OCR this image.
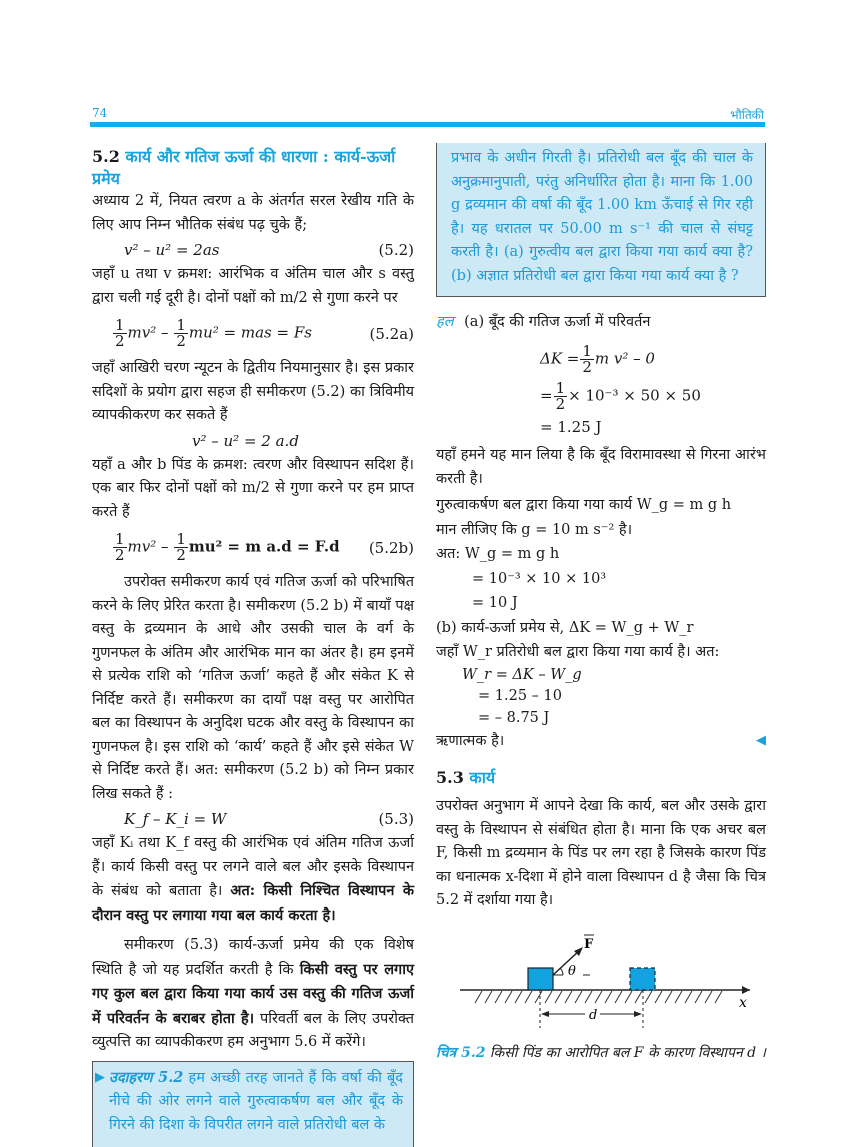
74	भौतिकी
5.2 कार्य और गतिज ऊर्जा की धारणा : कार्य-ऊर्जा प्रमेय
अध्याय 2 में, नियत त्वरण a के अंतर्गत सरल रेखीय गति के लिए आप निम्न भौतिक संबंध पढ़ चुके हैं;
v² – u² = 2as	(5.2)
जहाँ u तथा v क्रमश: आरंभिक व अंतिम चाल और s वस्तु द्वारा चली गई दूरी है। दोनों पक्षों को m/2 से गुणा करने पर
$\frac{1}{2} mv^2 - \frac{1}{2} mu^2$ = mas = Fs	(5.2a)
जहाँ आखिरी चरण न्यूटन के द्वितीय नियमानुसार है। इस प्रकार सदिशों के प्रयोग द्वारा सहज ही समीकरण (5.2) का त्रिविमीय व्यापकीकरण कर सकते हैं
v² – u² = 2 a.d
यहाँ a और b पिंड के क्रमश: त्वरण और विस्थापन सदिश हैं। एक बार फिर दोनों पक्षों को m/2 से गुणा करने पर हम प्राप्त करते हैं
$\frac{1}{2} mv^2 - \frac{1}{2} mu^2 = m$ a.d = F.d (5.2b)
उपरोक्त समीकरण कार्य एवं गतिज ऊर्जा को परिभाषित करने के लिए प्रेरित करता है। समीकरण (5.2 b) में बायाँ पक्ष वस्तु के द्रव्यमान के आधे और उसकी चाल के वर्ग के गुणनफल के अंतिम और आरंभिक मान का अंतर है। हम इनमें से प्रत्येक राशि को ‘गतिज ऊर्जा’ कहते हैं और संकेत K से निर्दिष्ट करते हैं। समीकरण का दायाँ पक्ष वस्तु पर आरोपित बल का विस्थापन के अनुदिश घटक और वस्तु के विस्थापन का गुणनफल है। इस राशि को ‘कार्य’ कहते हैं और इसे संकेत W से निर्दिष्ट करते हैं। अत: समीकरण (5.2 b) को निम्न प्रकार लिख सकते हैं :
K_f – K_i = W	(5.3)
जहाँ Kᵢ तथा K_f वस्तु की आरंभिक एवं अंतिम गतिज ऊर्जा हैं। कार्य किसी वस्तु पर लगने वाले बल और इसके विस्थापन के संबंध को बताता है। अत: किसी निश्चित विस्थापन के दौरान वस्तु पर लगाया गया बल कार्य करता है।
समीकरण (5.3) कार्य-ऊर्जा प्रमेय की एक विशेष स्थिति है जो यह प्रदर्शित करती है कि किसी वस्तु पर लगाए गए कुल बल द्वारा किया गया कार्य उस वस्तु की गतिज ऊर्जा में परिवर्तन के बराबर होता है। परिवर्ती बल के लिए उपरोक्त व्युत्पत्ति का व्यापकीकरण हम अनुभाग 5.6 में करेंगे।
▶ उदाहरण 5.2 हम अच्छी तरह जानते हैं कि वर्षा की बूँद नीचे की ओर लगने वाले गुरुत्वाकर्षण बल और बूँद के गिरने की दिशा के विपरीत लगने वाले प्रतिरोधी बल के
प्रभाव के अधीन गिरती है। प्रतिरोधी बल बूँद की चाल के अनुक्रमानुपाती, परंतु अनिर्धारित होता है। माना कि 1.00 g द्रव्यमान की वर्षा की बूँद 1.00 km ऊँचाई से गिर रही है। यह धरातल पर 50.00 m s⁻¹ की चाल से संघट्ट करती है। (a) गुरुत्वीय बल द्वारा किया गया कार्य क्या है? (b) अज्ञात प्रतिरोधी बल द्वारा किया गया कार्य क्या है ?
हल (a) बूँद की गतिज ऊर्जा में परिवर्तन
$\Delta K = \frac{1}{2}$ m v² – 0
= $\frac{1}{2} \times 10^{-3} \times 50 \times 50$
= 1.25 J
यहाँ हमने यह मान लिया है कि बूँद विरामावस्था से गिरना आरंभ करती है।
गुरुत्वाकर्षण बल द्वारा किया गया कार्य W_g = m g h
मान लीजिए कि g = 10 m s⁻² है।
अत: W_g = m g h
= 10⁻³ × 10 × 10³
= 10 J
(b) कार्य-ऊर्जा प्रमेय से, ΔK = W_g + W_r
जहाँ W_r प्रतिरोधी बल द्वारा किया गया कार्य है। अत:
W_r = ΔK – W_g
= 1.25 – 10
= – 8.75 J
ऋणात्मक है।	◀
5.3 कार्य
उपरोक्त अनुभाग में आपने देखा कि कार्य, बल और उसके द्वारा वस्तु के विस्थापन से संबंधित होता है। माना कि एक अचर बल F, किसी m द्रव्यमान के पिंड पर लग रहा है जिसके कारण पिंड का धनात्मक x-दिशा में होने वाला विस्थापन d है जैसा कि चित्र 5.2 में दर्शाया गया है।
F
θ
x
d
चित्र 5.2 किसी पिंड का आरोपित बल F के कारण विस्थापन d ।
